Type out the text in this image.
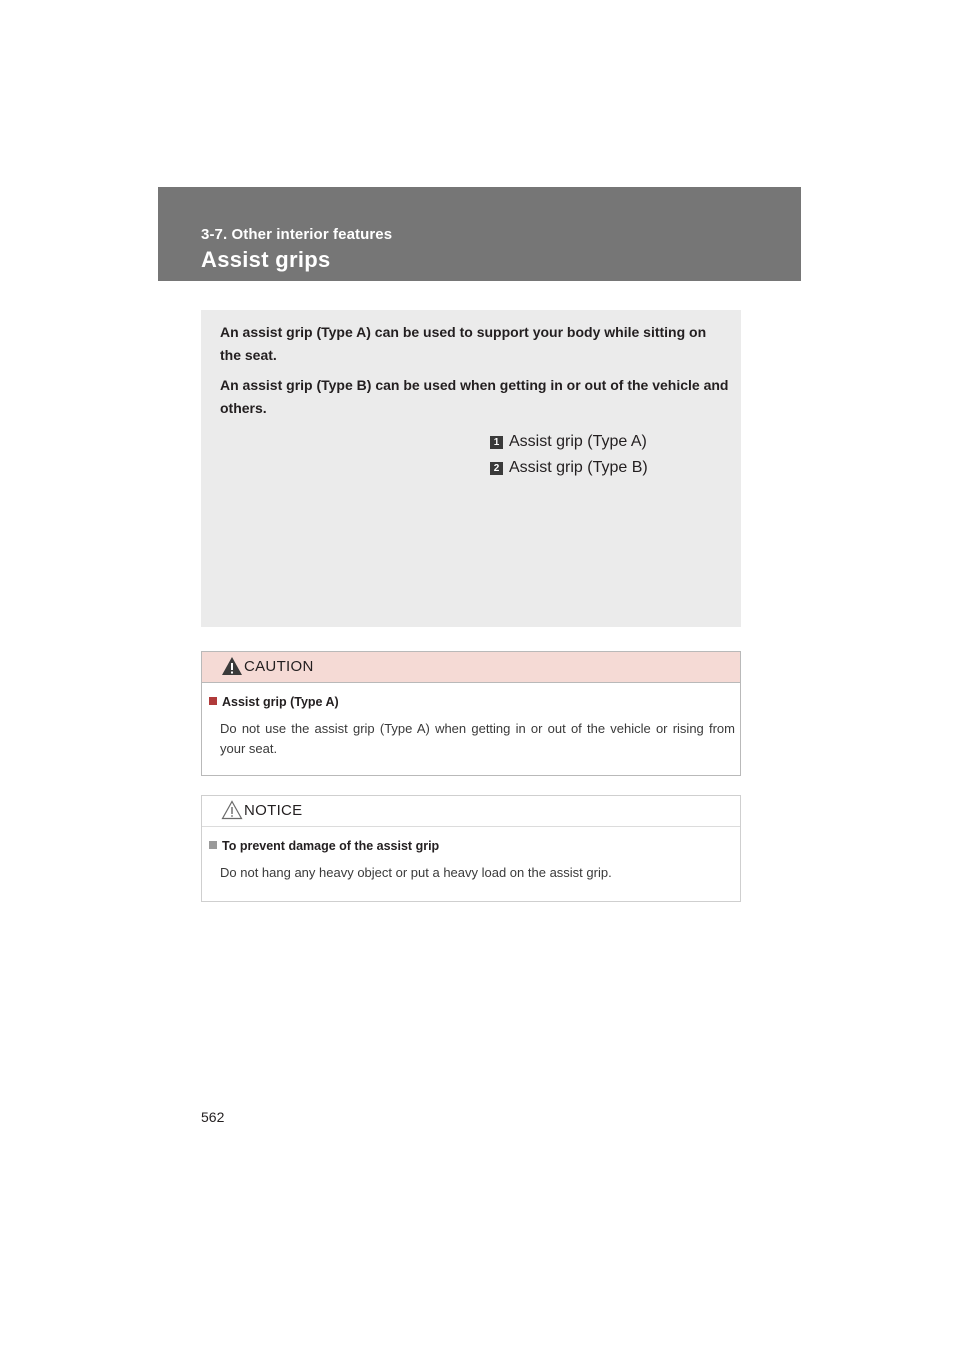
3-7. Other interior features
Assist grips

An assist grip (Type A) can be used to support your body while sitting on the seat.

An assist grip (Type B) can be used when getting in or out of the vehicle and others.

1 Assist grip (Type A)
2 Assist grip (Type B)
CAUTION
Assist grip (Type A)

Do not use the assist grip (Type A) when getting in or out of the vehicle or rising from your seat.

NOTICE
To prevent damage of the assist grip

Do not hang any heavy object or put a heavy load on the assist grip.

562
